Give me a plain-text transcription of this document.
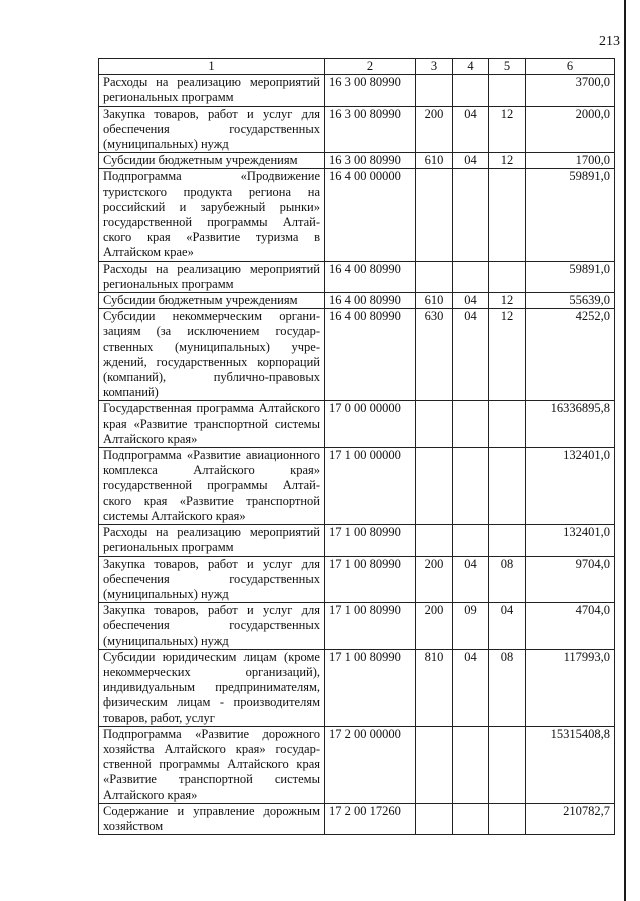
213
1	2	3	4	5	6
Расходы на реализацию мероприятий региональных программ	16 3 00 80990				3700,0
Закупка товаров, работ и услуг для обеспечения государственных (муниципальных) нужд	16 3 00 80990	200	04	12	2000,0
Субсидии бюджетным учреждениям	16 3 00 80990	610	04	12	1700,0
Подпрограмма «Продвижение туристского продукта региона на российский и зарубежный рынки» государственной программы Алтайского края «Развитие туризма в Алтайском крае»	16 4 00 00000				59891,0
Расходы на реализацию мероприятий региональных программ	16 4 00 80990				59891,0
Субсидии бюджетным учреждениям	16 4 00 80990	610	04	12	55639,0
Субсидии некоммерческим организациям (за исключением государственных (муниципальных) учреждений, государственных корпораций (компаний), публично-правовых компаний)	16 4 00 80990	630	04	12	4252,0
Государственная программа Алтайского края «Развитие транспортной системы Алтайского края»	17 0 00 00000				16336895,8
Подпрограмма «Развитие авиационного комплекса Алтайского края» государственной программы Алтайского края «Развитие транспортной системы Алтайского края»	17 1 00 00000				132401,0
Расходы на реализацию мероприятий региональных программ	17 1 00 80990				132401,0
Закупка товаров, работ и услуг для обеспечения государственных (муниципальных) нужд	17 1 00 80990	200	04	08	9704,0
Закупка товаров, работ и услуг для обеспечения государственных (муниципальных) нужд	17 1 00 80990	200	09	04	4704,0
Субсидии юридическим лицам (кроме некоммерческих организаций), индивидуальным предпринимателям, физическим лицам - производителям товаров, работ, услуг	17 1 00 80990	810	04	08	117993,0
Подпрограмма «Развитие дорожного хозяйства Алтайского края» государственной программы Алтайского края «Развитие транспортной системы Алтайского края»	17 2 00 00000				15315408,8
Содержание и управление дорожным хозяйством	17 2 00 17260				210782,7
